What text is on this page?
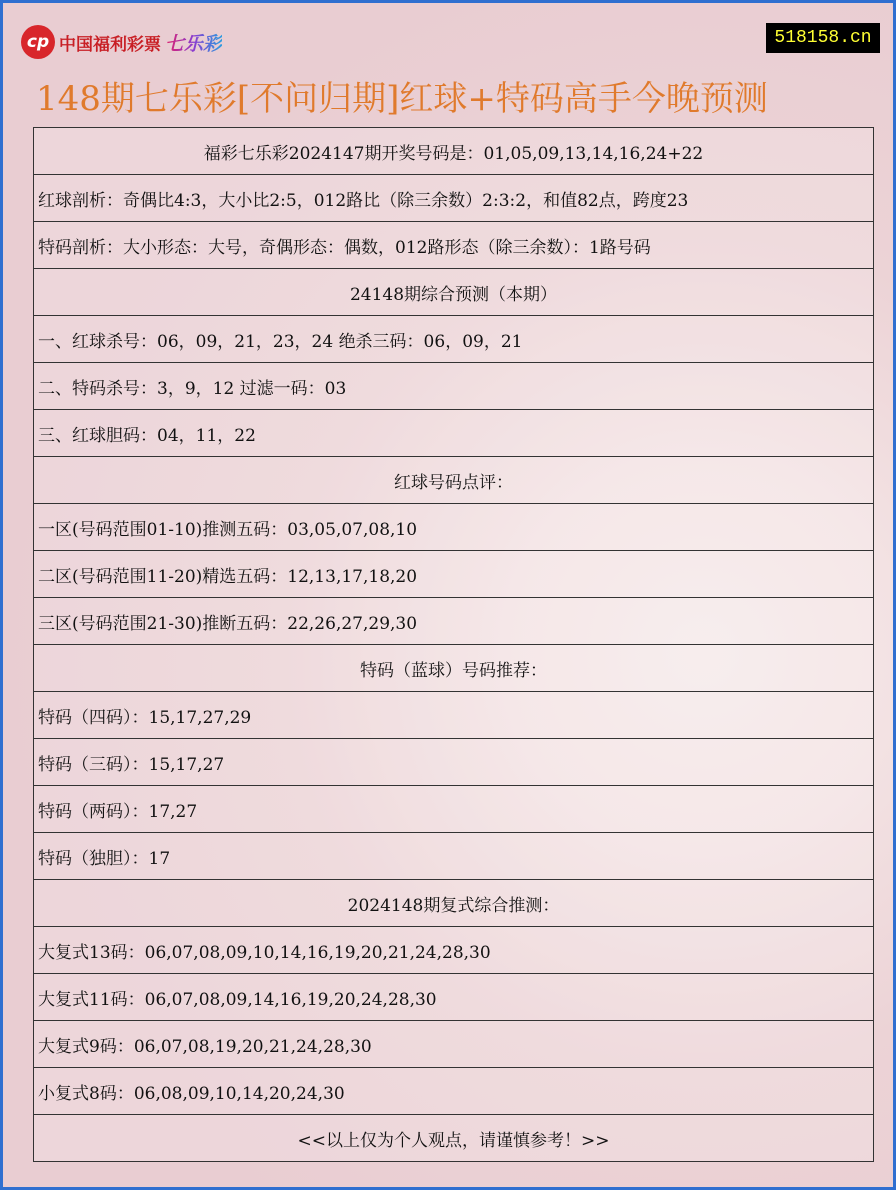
cp 中国福利彩票 七乐彩	518158.cn
148期七乐彩[不问归期]红球+特码高手今晚预测
福彩七乐彩2024147期开奖号码是：01,05,09,13,14,16,24+22
红球剖析：奇偶比4:3，大小比2:5，012路比（除三余数）2:3:2，和值82点，跨度23
特码剖析：大小形态：大号，奇偶形态：偶数，012路形态（除三余数）：1路号码
24148期综合预测（本期）
一、红球杀号：06，09，21，23，24 绝杀三码：06，09，21
二、特码杀号：3，9，12 过滤一码：03
三、红球胆码：04，11，22
红球号码点评：
一区(号码范围01-10)推测五码：03,05,07,08,10
二区(号码范围11-20)精选五码：12,13,17,18,20
三区(号码范围21-30)推断五码：22,26,27,29,30
特码（蓝球）号码推荐：
特码（四码）：15,17,27,29
特码（三码）：15,17,27
特码（两码）：17,27
特码（独胆）：17
2024148期复式综合推测：
大复式13码：06,07,08,09,10,14,16,19,20,21,24,28,30
大复式11码：06,07,08,09,14,16,19,20,24,28,30
大复式9码：06,07,08,19,20,21,24,28,30
小复式8码：06,08,09,10,14,20,24,30
<<以上仅为个人观点，请谨慎参考！>>
